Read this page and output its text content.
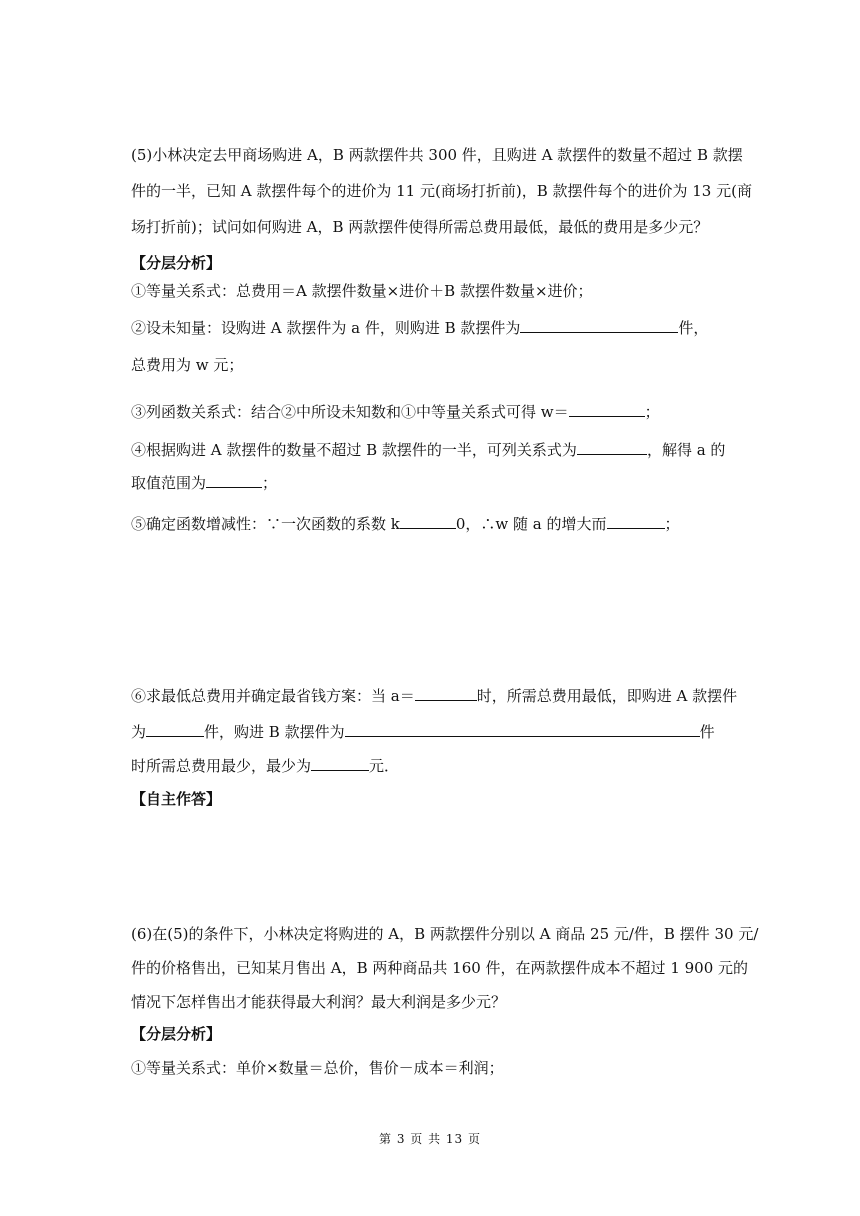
(5)小林决定去甲商场购进 A，B 两款摆件共 300 件，且购进 A 款摆件的数量不超过 B 款摆
件的一半，已知 A 款摆件每个的进价为 11 元(商场打折前)，B 款摆件每个的进价为 13 元(商
场打折前)；试问如何购进 A，B 两款摆件使得所需总费用最低，最低的费用是多少元？
【分层分析】
①等量关系式：总费用＝A 款摆件数量×进价＋B 款摆件数量×进价；
②设未知量：设购进 A 款摆件为 a 件，则购进 B 款摆件为	件，
总费用为 w 元；
③列函数关系式：结合②中所设未知数和①中等量关系式可得 w＝	；
④根据购进 A 款摆件的数量不超过 B 款摆件的一半，可列关系式为	，解得 a 的
取值范围为	；
⑤确定函数增减性：∵一次函数的系数 k	0，∴w 随 a 的增大而	；
⑥求最低总费用并确定最省钱方案：当 a＝	时，所需总费用最低，即购进 A 款摆件
为	件，购进 B 款摆件为	件
时所需总费用最少，最少为	元．
【自主作答】
(6)在(5)的条件下，小林决定将购进的 A，B 两款摆件分别以 A 商品 25 元/件，B 摆件 30 元/
件的价格售出，已知某月售出 A，B 两种商品共 160 件，在两款摆件成本不超过 1 900 元的
情况下怎样售出才能获得最大利润？最大利润是多少元？
【分层分析】
①等量关系式：单价×数量＝总价，售价－成本＝利润；
第 3 页 共 13 页
